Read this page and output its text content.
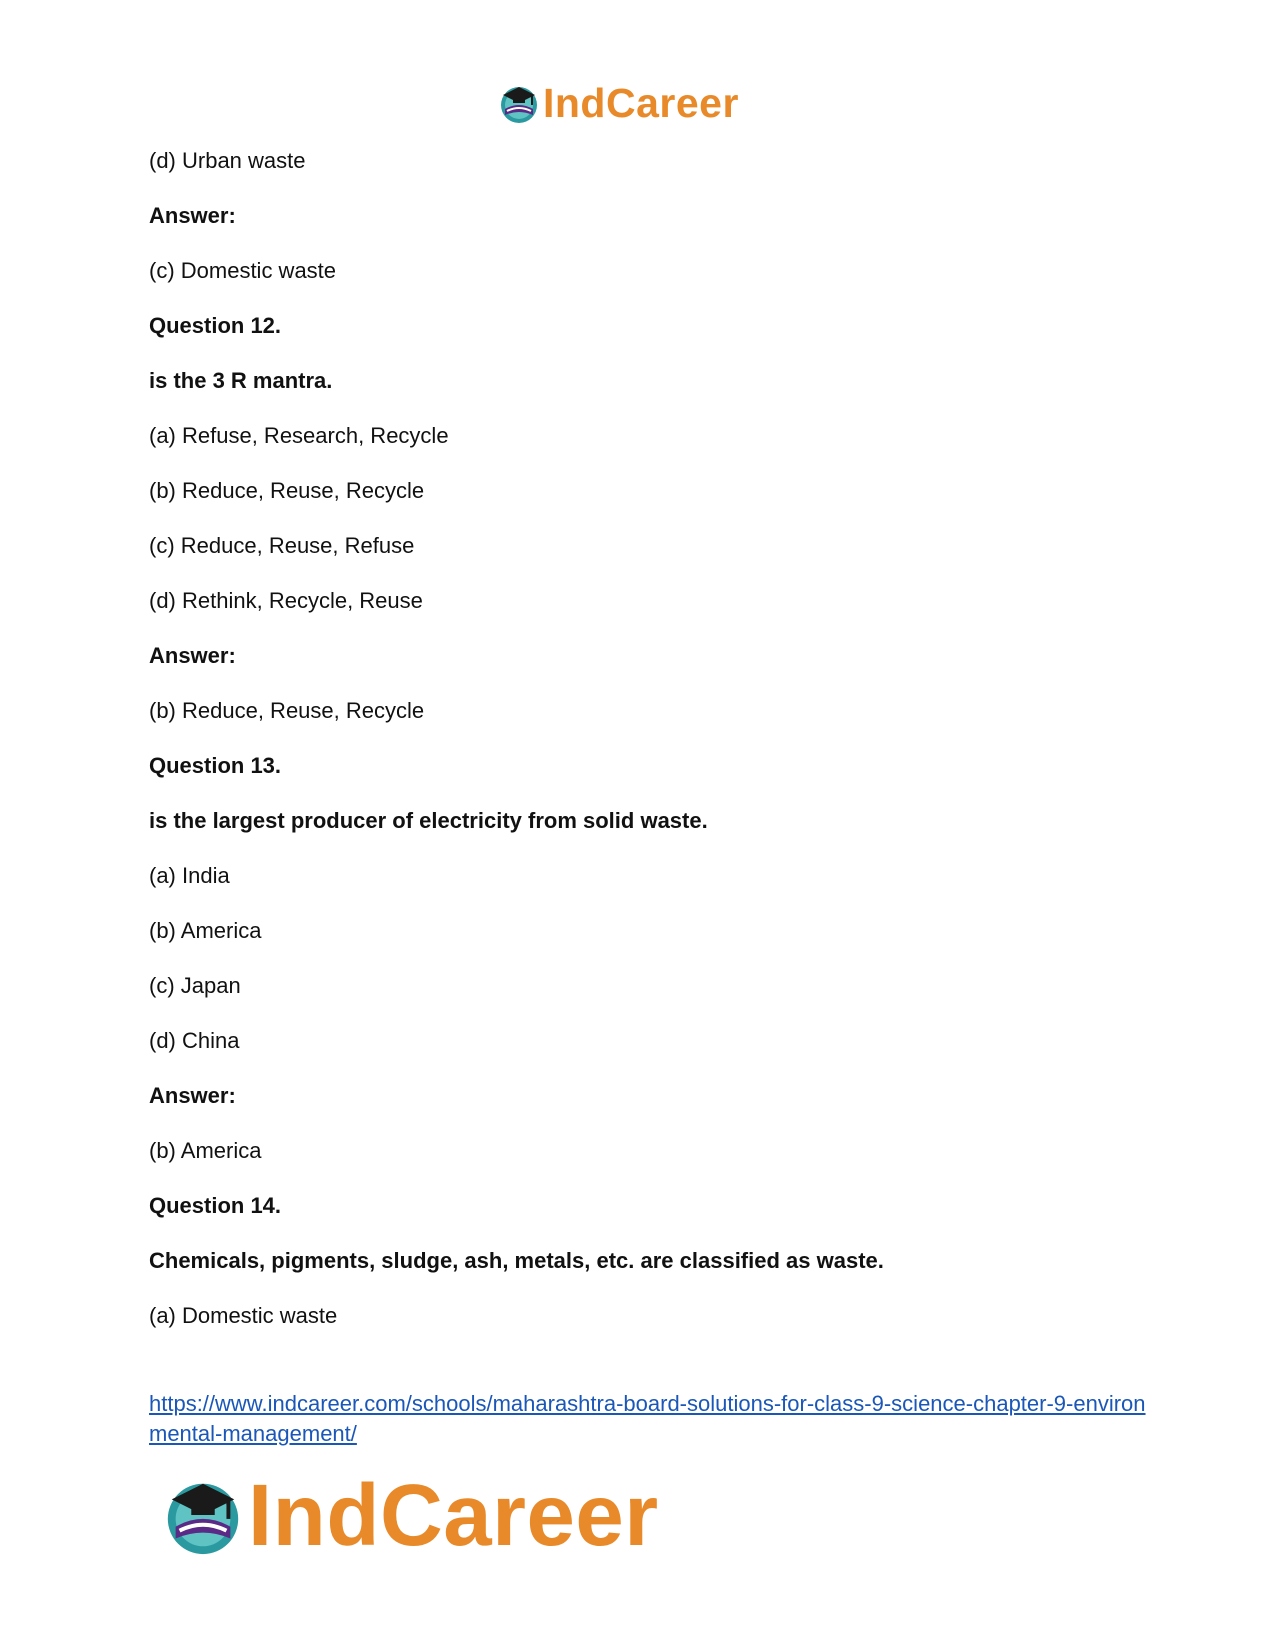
IndCareer
(d) Urban waste
Answer:
(c) Domestic waste
Question 12.
is the 3 R mantra.
(a) Refuse, Research, Recycle
(b) Reduce, Reuse, Recycle
(c) Reduce, Reuse, Refuse
(d) Rethink, Recycle, Reuse
Answer:
(b) Reduce, Reuse, Recycle
Question 13.
is the largest producer of electricity from solid waste.
(a) India
(b) America
(c) Japan
(d) China
Answer:
(b) America
Question 14.
Chemicals, pigments, sludge, ash, metals, etc. are classified as waste.
(a) Domestic waste
https://www.indcareer.com/schools/maharashtra-board-solutions-for-class-9-science-chapter-9-environmental-management/
IndCareer
